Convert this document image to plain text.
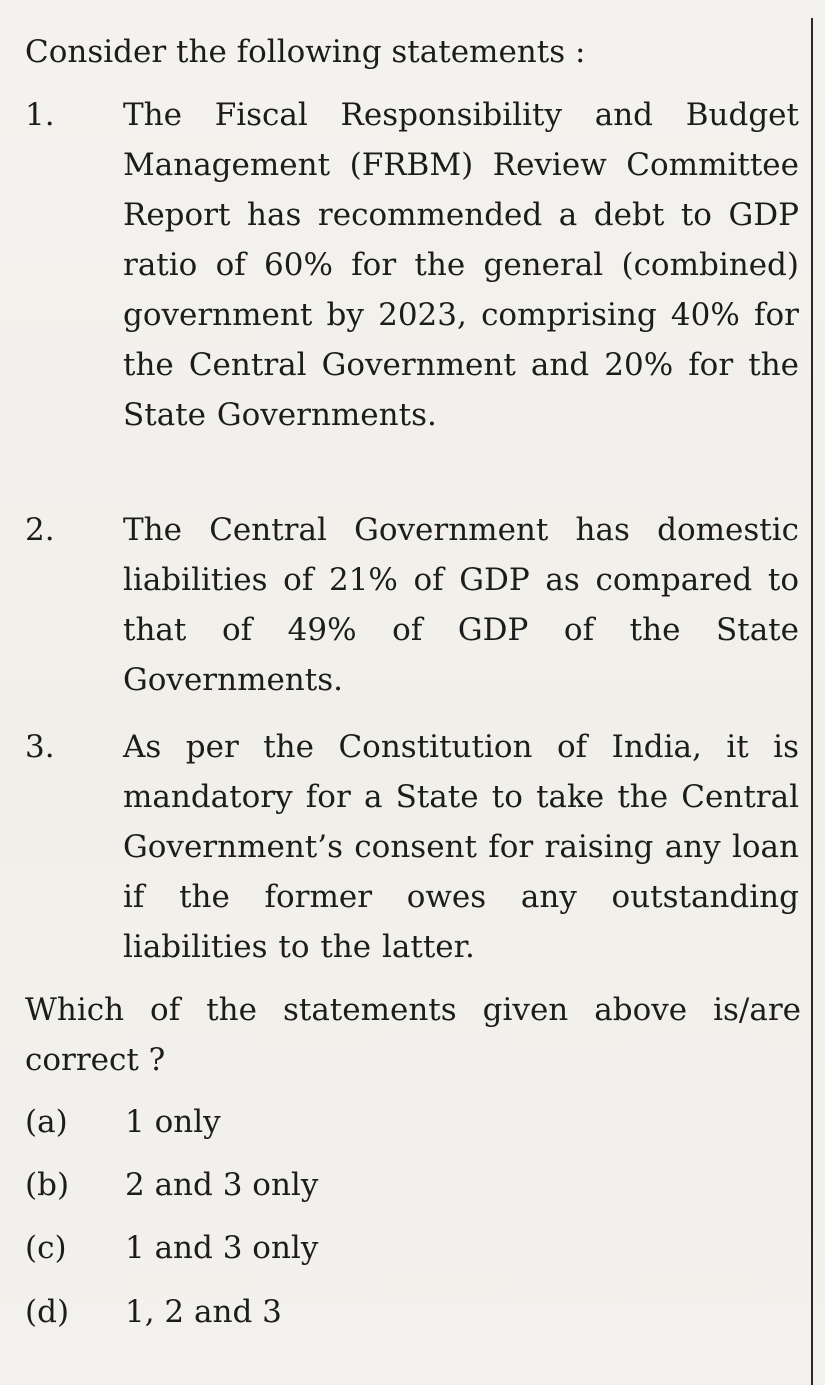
Consider the following statements :

1.	The Fiscal Responsibility and Budget Management (FRBM) Review Committee Report has recommended a debt to GDP ratio of 60% for the general (combined) government by 2023, comprising 40% for the Central Government and 20% for the State Governments.
2.	The Central Government has domestic liabilities of 21% of GDP as compared to that of 49% of GDP of the State Governments.
3.	As per the Constitution of India, it is mandatory for a State to take the Central Government’s consent for raising any loan if the former owes any outstanding liabilities to the latter.
Which of the statements given above is/are correct ?
(a)	1 only
(b)	2 and 3 only
(c)	1 and 3 only
(d)	1, 2 and 3
